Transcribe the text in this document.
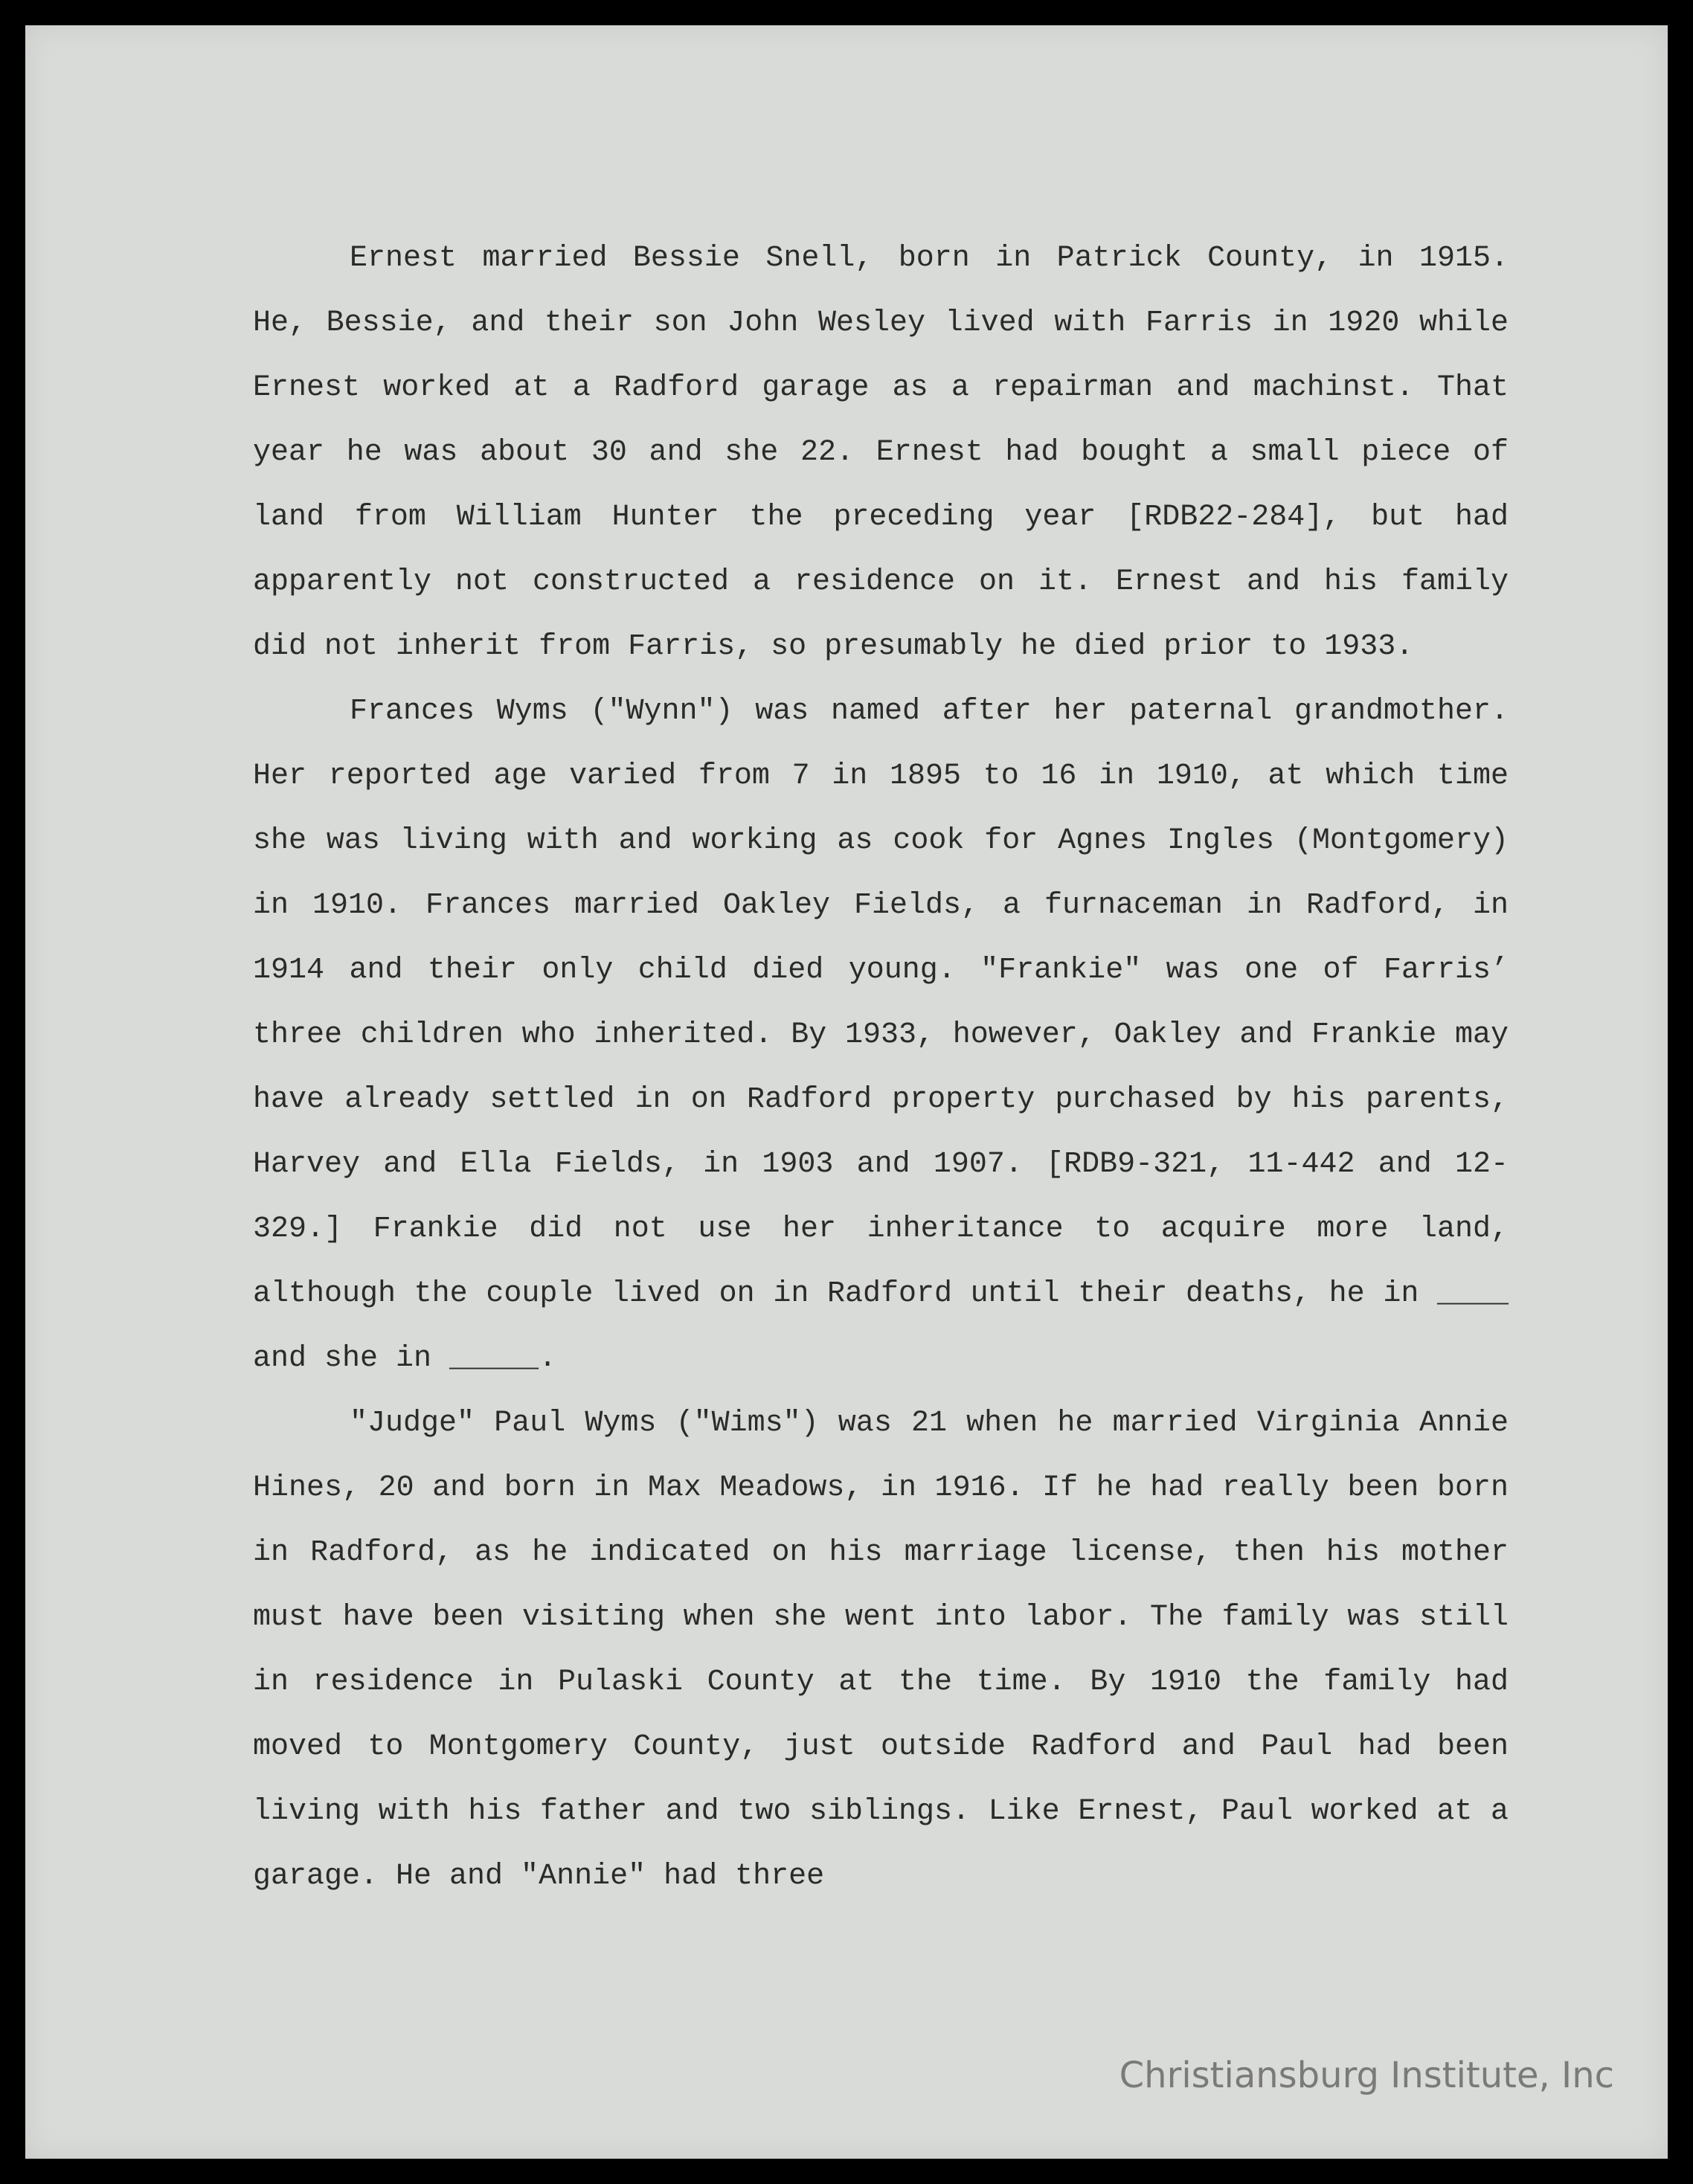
Ernest married Bessie Snell, born in Patrick County, in 1915. He, Bessie, and their son John Wesley lived with Farris in 1920 while Ernest worked at a Radford garage as a repairman and machinst. That year he was about 30 and she 22. Ernest had bought a small piece of land from William Hunter the preceding year [RDB22-284], but had apparently not constructed a residence on it. Ernest and his family did not inherit from Farris, so presumably he died prior to 1933.

Frances Wyms ("Wynn") was named after her paternal grandmother. Her reported age varied from 7 in 1895 to 16 in 1910, at which time she was living with and working as cook for Agnes Ingles (Montgomery) in 1910. Frances married Oakley Fields, a furnaceman in Radford, in 1914 and their only child died young. "Frankie" was one of Farris’ three children who inherited. By 1933, however, Oakley and Frankie may have already settled in on Radford property purchased by his parents, Harvey and Ella Fields, in 1903 and 1907. [RDB9-321, 11-442 and 12-329.] Frankie did not use her inheritance to acquire more land, although the couple lived on in Radford until their deaths, he in ____ and she in _____.

"Judge" Paul Wyms ("Wims") was 21 when he married Virginia Annie Hines, 20 and born in Max Meadows, in 1916. If he had really been born in Radford, as he indicated on his marriage license, then his mother must have been visiting when she went into labor. The family was still in residence in Pulaski County at the time. By 1910 the family had moved to Montgomery County, just outside Radford and Paul had been living with his father and two siblings. Like Ernest, Paul worked at a garage. He and "Annie" had three

Christiansburg Institute, Inc
